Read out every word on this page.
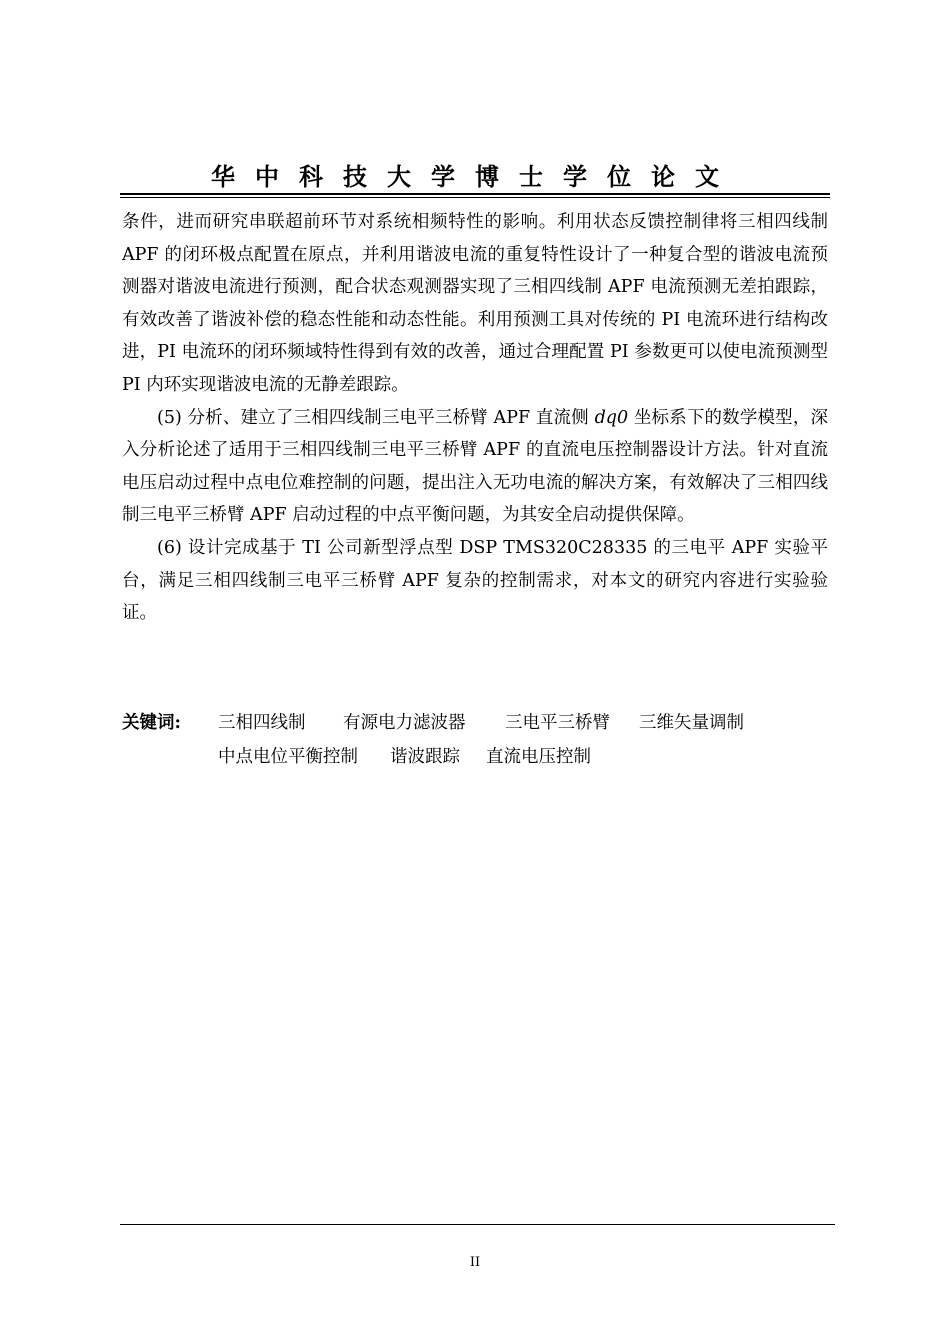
华中科技大学博士学位论文

条件，进而研究串联超前环节对系统相频特性的影响。利用状态反馈控制律将三相四线制 APF 的闭环极点配置在原点，并利用谐波电流的重复特性设计了一种复合型的谐波电流预测器对谐波电流进行预测，配合状态观测器实现了三相四线制 APF 电流预测无差拍跟踪，有效改善了谐波补偿的稳态性能和动态性能。利用预测工具对传统的 PI 电流环进行结构改进，PI 电流环的闭环频域特性得到有效的改善，通过合理配置 PI 参数更可以使电流预测型 PI 内环实现谐波电流的无静差跟踪。

(5) 分析、建立了三相四线制三电平三桥臂 APF 直流侧 dq0 坐标系下的数学模型，深入分析论述了适用于三相四线制三电平三桥臂 APF 的直流电压控制器设计方法。针对直流电压启动过程中点电位难控制的问题，提出注入无功电流的解决方案，有效解决了三相四线制三电平三桥臂 APF 启动过程的中点平衡问题，为其安全启动提供保障。

(6) 设计完成基于 TI 公司新型浮点型 DSP TMS320C28335 的三电平 APF 实验平台，满足三相四线制三电平三桥臂 APF 复杂的控制需求，对本文的研究内容进行实验验证。

关键词: 三相四线制 有源电力滤波器 三电平三桥臂 三维矢量调制
中点电位平衡控制 谐波跟踪 直流电压控制
II
